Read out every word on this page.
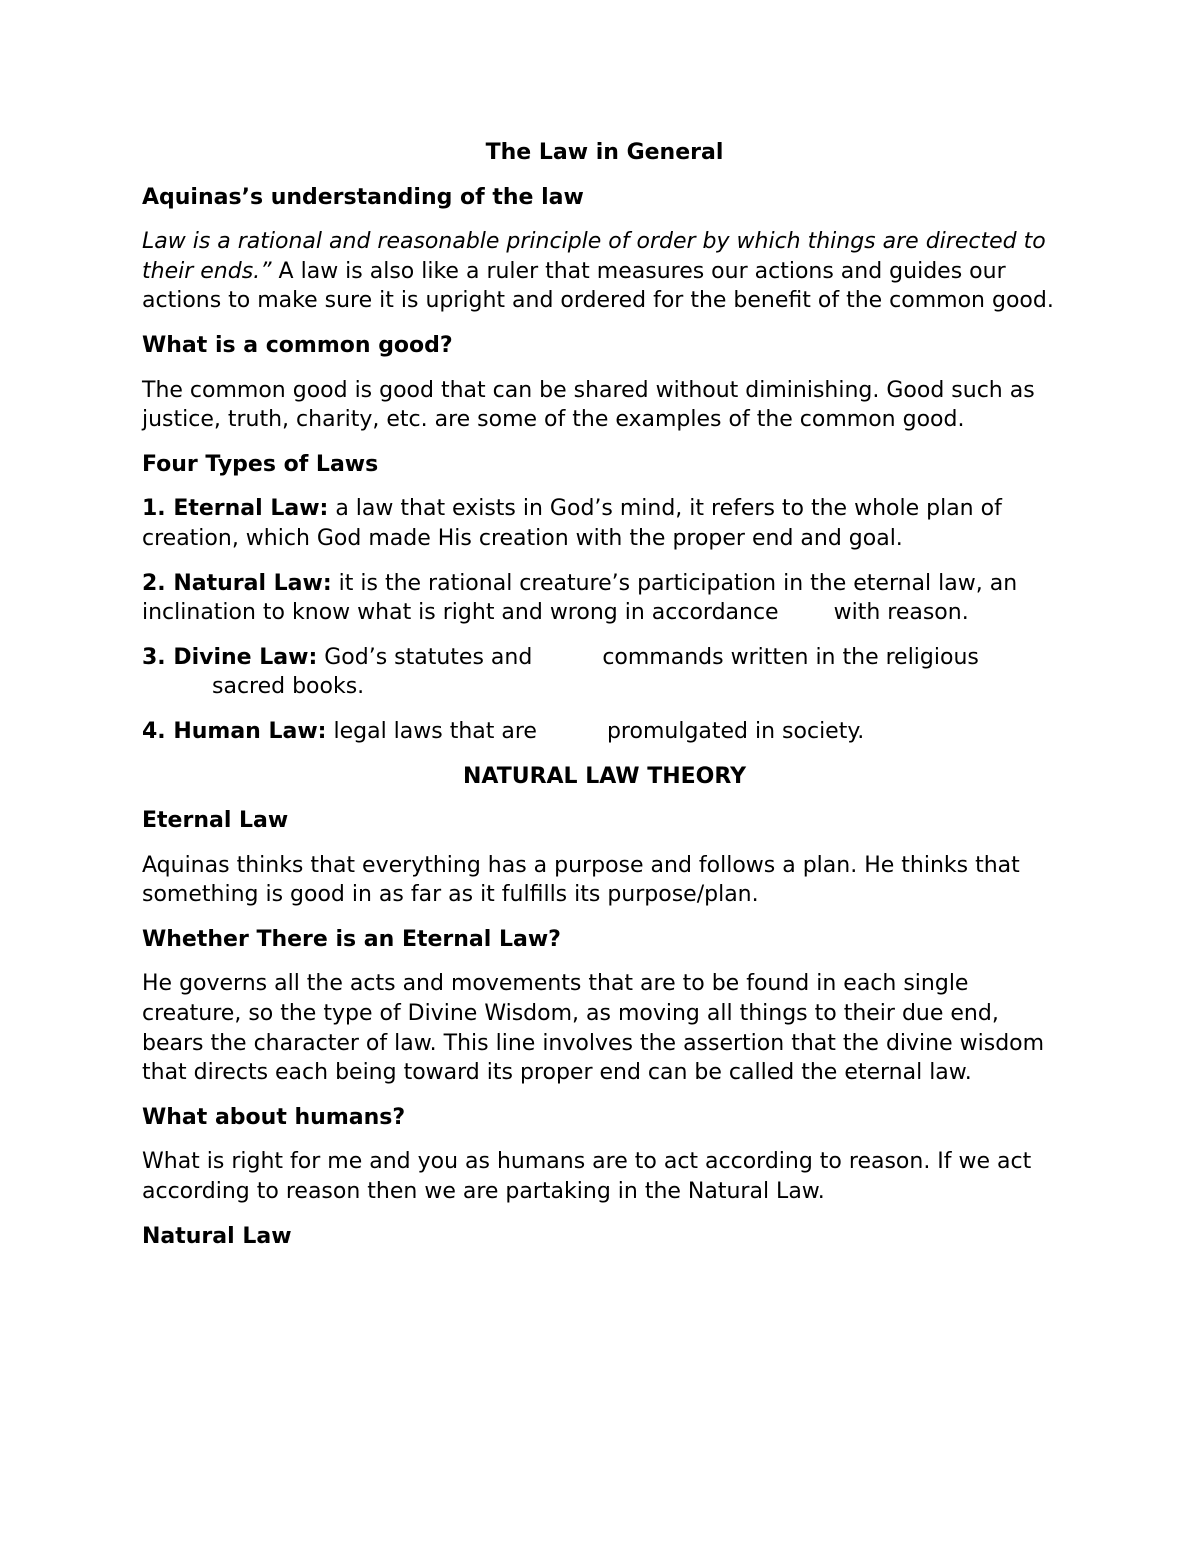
The Law in General
Aquinas’s understanding of the law
Law is a rational and reasonable principle of order by which things are directed to their ends.” A law is also like a ruler that measures our actions and guides our actions to make sure it is upright and ordered for the benefit of the common good.
What is a common good?
The common good is good that can be shared without diminishing. Good such as justice, truth, charity, etc. are some of the examples of the common good.
Four Types of Laws
1. Eternal Law: a law that exists in God’s mind, it refers to the whole plan of creation, which God made His creation with the proper end and goal.
2. Natural Law: it is the rational creature’s participation in the eternal law, an inclination to know what is right and wrong in accordance	with reason.
3. Divine Law: God’s statutes and	commands written in the religious
sacred books.
4. Human Law: legal laws that are	promulgated in society.
NATURAL LAW THEORY
Eternal Law
Aquinas thinks that everything has a purpose and follows a plan. He thinks that something is good in as far as it fulfills its purpose/plan.
Whether There is an Eternal Law?
He governs all the acts and movements that are to be found in each single creature, so the type of Divine Wisdom, as moving all things to their due end, bears the character of law. This line involves the assertion that the divine wisdom that directs each being toward its proper end can be called the eternal law.
What about humans?
What is right for me and you as humans are to act according to reason. If we act according to reason then we are partaking in the Natural Law.
Natural Law
